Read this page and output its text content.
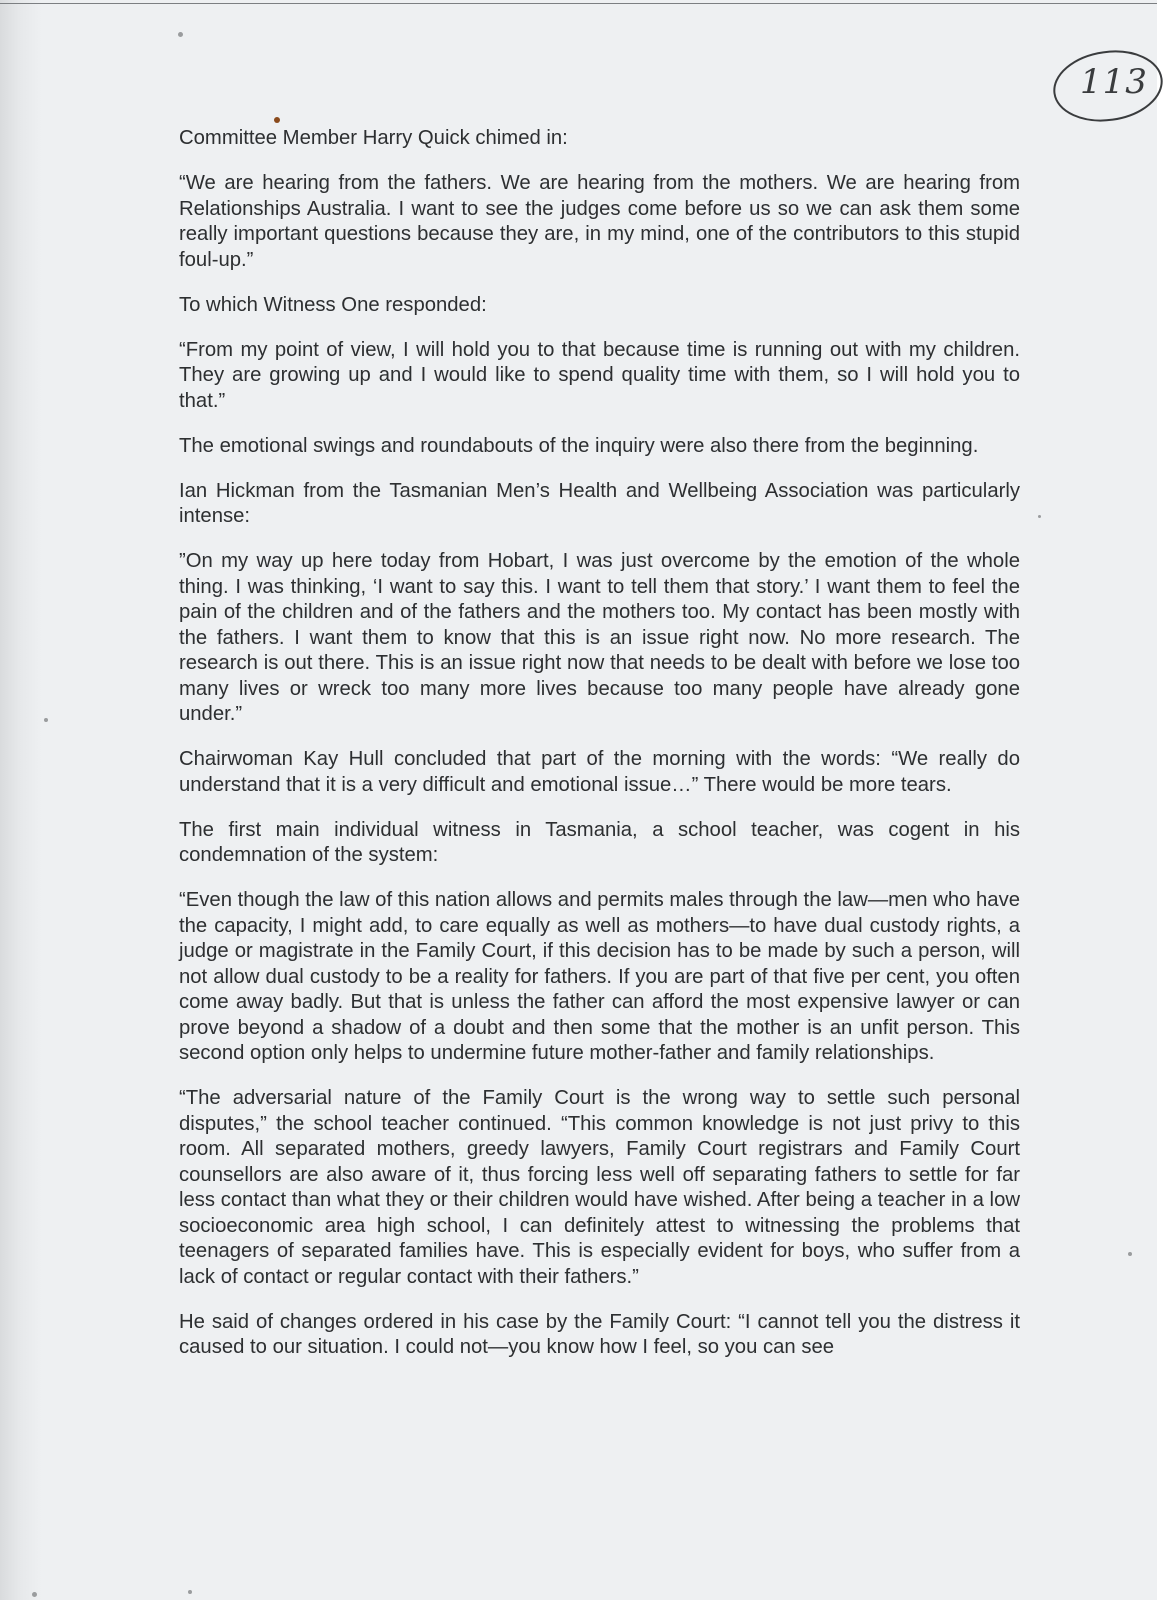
113

Committee Member Harry Quick chimed in:

“We are hearing from the fathers. We are hearing from the mothers. We are hearing from Relationships Australia. I want to see the judges come before us so we can ask them some really important questions because they are, in my mind, one of the contributors to this stupid foul-up.”

To which Witness One responded:

“From my point of view, I will hold you to that because time is running out with my children. They are growing up and I would like to spend quality time with them, so I will hold you to that.”

The emotional swings and roundabouts of the inquiry were also there from the beginning.

Ian Hickman from the Tasmanian Men’s Health and Wellbeing Association was particularly intense:

”On my way up here today from Hobart, I was just overcome by the emotion of the whole thing. I was thinking, ‘I want to say this. I want to tell them that story.’ I want them to feel the pain of the children and of the fathers and the mothers too. My contact has been mostly with the fathers. I want them to know that this is an issue right now. No more research. The research is out there. This is an issue right now that needs to be dealt with before we lose too many lives or wreck too many more lives because too many people have already gone under.”

Chairwoman Kay Hull concluded that part of the morning with the words: “We really do understand that it is a very difficult and emotional issue…” There would be more tears.

The first main individual witness in Tasmania, a school teacher, was cogent in his condemnation of the system:

“Even though the law of this nation allows and permits males through the law—men who have the capacity, I might add, to care equally as well as mothers—to have dual custody rights, a judge or magistrate in the Family Court, if this decision has to be made by such a person, will not allow dual custody to be a reality for fathers. If you are part of that five per cent, you often come away badly. But that is unless the father can afford the most expensive lawyer or can prove beyond a shadow of a doubt and then some that the mother is an unfit person. This second option only helps to undermine future mother-father and family relationships.

“The adversarial nature of the Family Court is the wrong way to settle such personal disputes,” the school teacher continued. “This common knowledge is not just privy to this room. All separated mothers, greedy lawyers, Family Court registrars and Family Court counsellors are also aware of it, thus forcing less well off separating fathers to settle for far less contact than what they or their children would have wished. After being a teacher in a low socioeconomic area high school, I can definitely attest to witnessing the problems that teenagers of separated families have. This is especially evident for boys, who suffer from a lack of contact or regular contact with their fathers.”

He said of changes ordered in his case by the Family Court: “I cannot tell you the distress it caused to our situation. I could not—you know how I feel, so you can see
